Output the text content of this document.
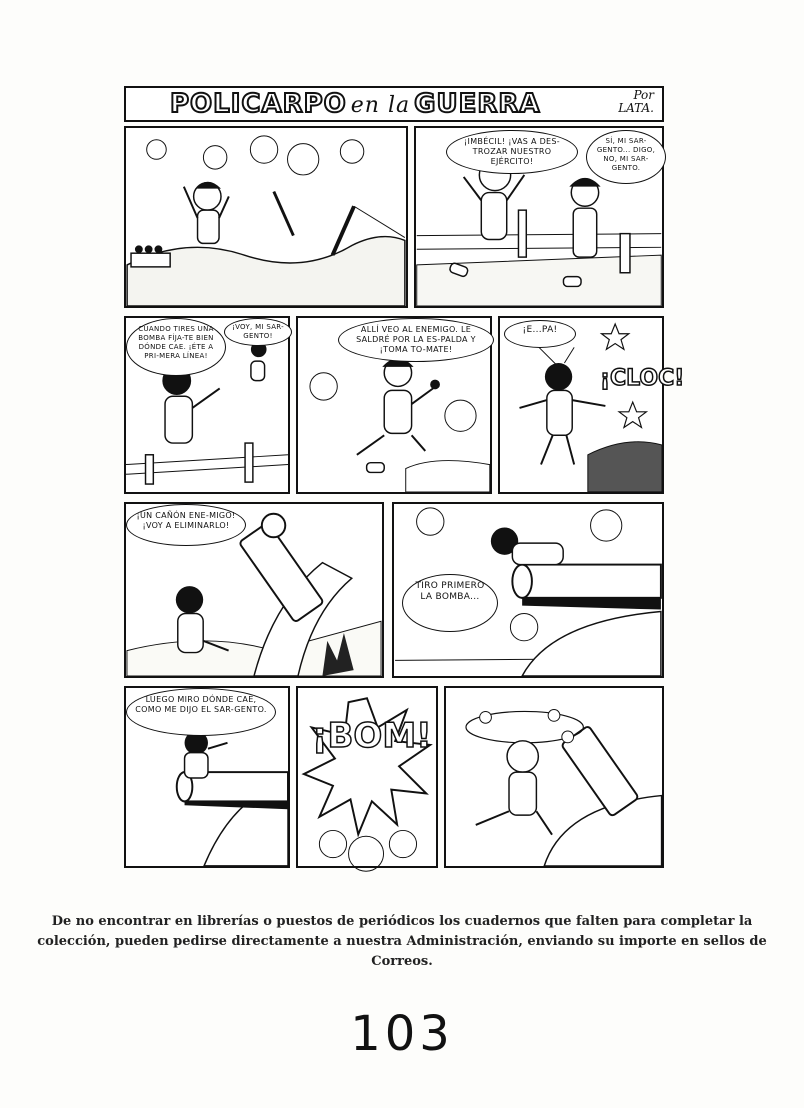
POLICARPO en la GUERRA	Por
LATA.
¡IMBÉCIL! ¡VAS A DES-TROZAR NUESTRO EJÉRCITO!
SÍ, MI SAR-GENTO... DIGO, NO, MI SAR-GENTO.
CUANDO TIRES UNA BOMBA FÍJA-TE BIEN DÓNDE CAE. ¡ÉTE A PRI-MERA LÍNEA!
¡VOY, MI SAR-GENTO!
ALLÍ VEO AL ENEMIGO. LE SALDRÉ POR LA ES-PALDA Y ¡TOMA TO-MATE!
¡E...PA!
¡CLOC!
¡UN CAÑÓN ENE-MIGO! ¡VOY A ELIMINARLO!
TIRO PRIMERO LA BOMBA...
LUEGO MIRO DÓNDE CAE, COMO ME DIJO EL SAR-GENTO.
¡BOM!
De no encontrar en librerías o puestos de periódicos los cuadernos que falten para completar la colección, pueden pedirse directamente a nuestra Administración, enviando su importe en sellos de Correos.
103
